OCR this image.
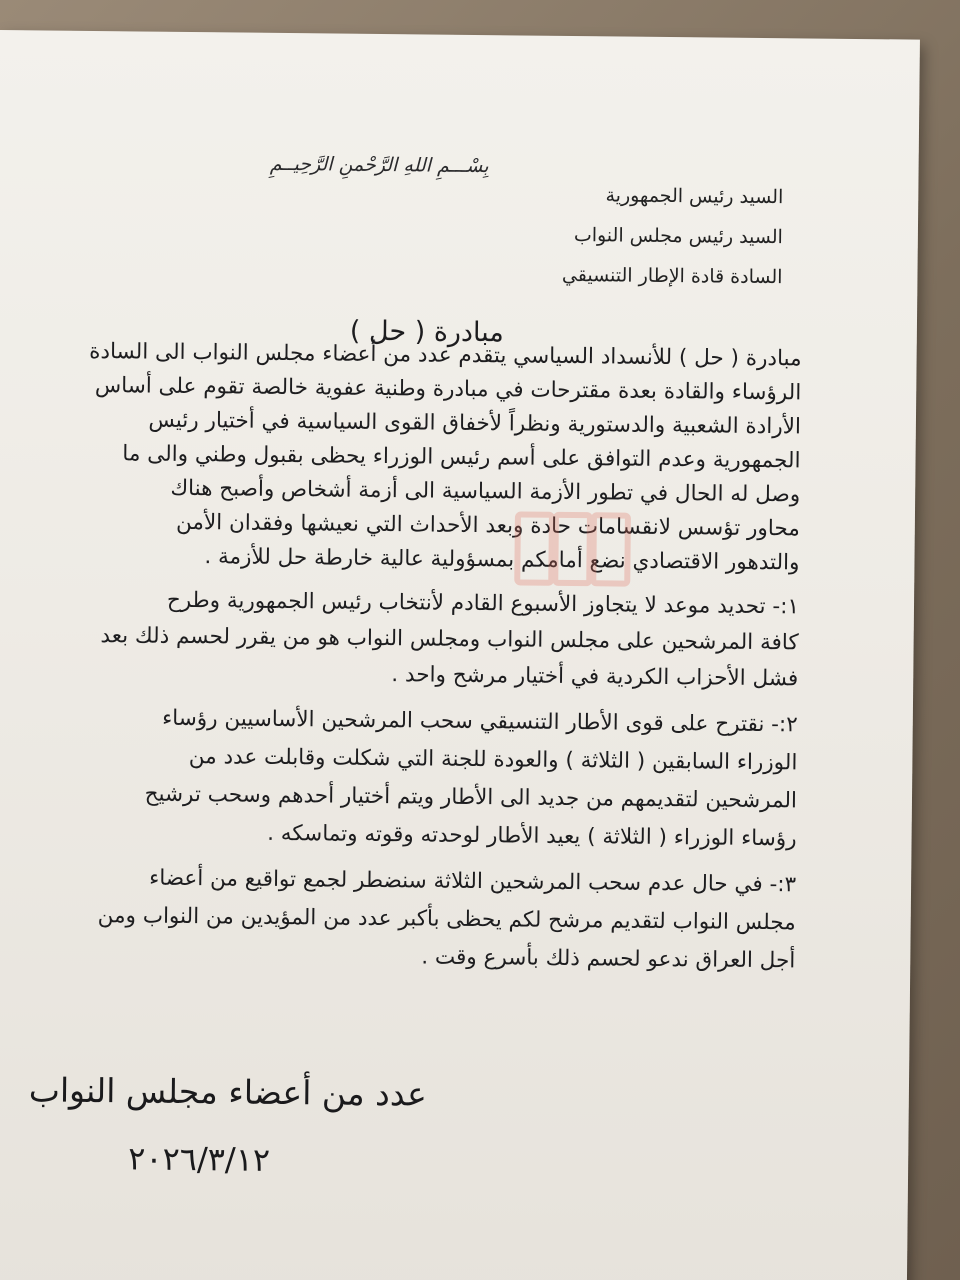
بِسْـــمِ اللهِ الرَّحْمنِ الرَّحِيــمِ
السيد رئيس الجمهورية
السيد رئيس مجلس النواب
السادة قادة الإطار التنسيقي
مبادرة ( حل )
مبادرة ( حل ) للأنسداد السياسي يتقدم عدد من أعضاء مجلس النواب الى السادة
الرؤساء والقادة بعدة مقترحات في مبادرة وطنية عفوية خالصة تقوم على أساس
الأرادة الشعبية والدستورية ونظراً لأخفاق القوى السياسية في أختيار رئيس
الجمهورية وعدم التوافق على أسم رئيس الوزراء يحظى بقبول وطني والى ما
وصل له الحال في تطور الأزمة السياسية الى أزمة أشخاص وأصبح هناك
محاور تؤسس لانقسامات حادة وبعد الأحداث التي نعيشها وفقدان الأمن
والتدهور الاقتصادي نضع أمامكم بمسؤولية عالية خارطة حل للأزمة .
١:- تحديد موعد لا يتجاوز الأسبوع القادم لأنتخاب رئيس الجمهورية وطرح
كافة المرشحين على مجلس النواب ومجلس النواب هو من يقرر لحسم ذلك بعد
فشل الأحزاب الكردية في أختيار مرشح واحد .
٢:- نقترح على قوى الأطار التنسيقي سحب المرشحين الأساسيين رؤساء
الوزراء السابقين ( الثلاثة ) والعودة للجنة التي شكلت وقابلت عدد من
المرشحين لتقديمهم من جديد الى الأطار ويتم أختيار أحدهم وسحب ترشيح
رؤساء الوزراء ( الثلاثة ) يعيد الأطار لوحدته وقوته وتماسكه .
٣:- في حال عدم سحب المرشحين الثلاثة سنضطر لجمع تواقيع من أعضاء
مجلس النواب لتقديم مرشح لكم يحظى بأكبر عدد من المؤيدين من النواب ومن
أجل العراق ندعو لحسم ذلك بأسرع وقت .
عدد من أعضاء مجلس النواب
٢٠٢٦/٣/١٢
